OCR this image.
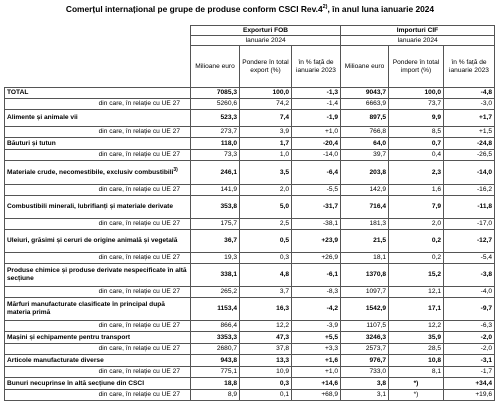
Comerțul internațional pe grupe de produse conform CSCI Rev.4$^{2)}$, în anul luna ianuarie 2024
	Exporturi FOB			Importuri CIF		
	Ianuarie 2024			Ianuarie 2024		
	Milioane euro	Pondere în total export (%)	în % față de ianuarie 2023	Milioane euro	Pondere în total import (%)	în % față de ianuarie 2023
TOTAL	7085,3	100,0	-1,3	9043,7	100,0	-4,8
din care, în relație cu UE 27	5260,6	74,2	-1,4	6663,9	73,7	-3,0
Alimente și animale vii	523,3	7,4	-1,9	897,5	9,9	+1,7
din care, în relație cu UE 27	273,7	3,9	+1,0	766,8	8,5	+1,5
Băuturi și tutun	118,0	1,7	-20,4	64,0	0,7	-24,8
din care, în relație cu UE 27	73,3	1,0	-14,0	39,7	0,4	-26,5
Materiale crude, necomestibile, exclusiv combustibili$^{3)}$	246,1	3,5	-6,4	203,8	2,3	-14,0
din care, în relație cu UE 27	141,9	2,0	-5,5	142,9	1,6	-16,2
Combustibili minerali, lubrifianți și materiale derivate	353,8	5,0	-31,7	716,4	7,9	-11,8
din care, în relație cu UE 27	175,7	2,5	-38,1	181,3	2,0	-17,0
Uleiuri, grăsimi și ceruri de origine animală și vegetală	36,7	0,5	+23,9	21,5	0,2	-12,7
din care, în relație cu UE 27	19,3	0,3	+26,9	18,1	0,2	-5,4
Produse chimice și produse derivate nespecificate în altă secțiune	338,1	4,8	-6,1	1370,8	15,2	-3,8
din care, în relație cu UE 27	265,2	3,7	-8,3	1097,7	12,1	-4,0
Mărfuri manufacturate clasificate în principal după materia primă	1153,4	16,3	-4,2	1542,9	17,1	-9,7
din care, în relație cu UE 27	866,4	12,2	-3,9	1107,5	12,2	-6,3
Mașini și echipamente pentru transport	3353,3	47,3	+5,5	3246,3	35,9	-2,0
din care, în relație cu UE 27	2680,7	37,8	+3,3	2573,7	28,5	-2,0
Articole manufacturate diverse	943,8	13,3	+1,6	976,7	10,8	-3,1
din care, în relație cu UE 27	775,1	10,9	+1,0	733,0	8,1	-1,7
Bunuri necuprinse în altă secțiune din CSCI	18,8	0,3	+14,6	3,8	*)	+34,4
din care, în relație cu UE 27	8,9	0,1	+68,9	3,1	*)	+19,6
